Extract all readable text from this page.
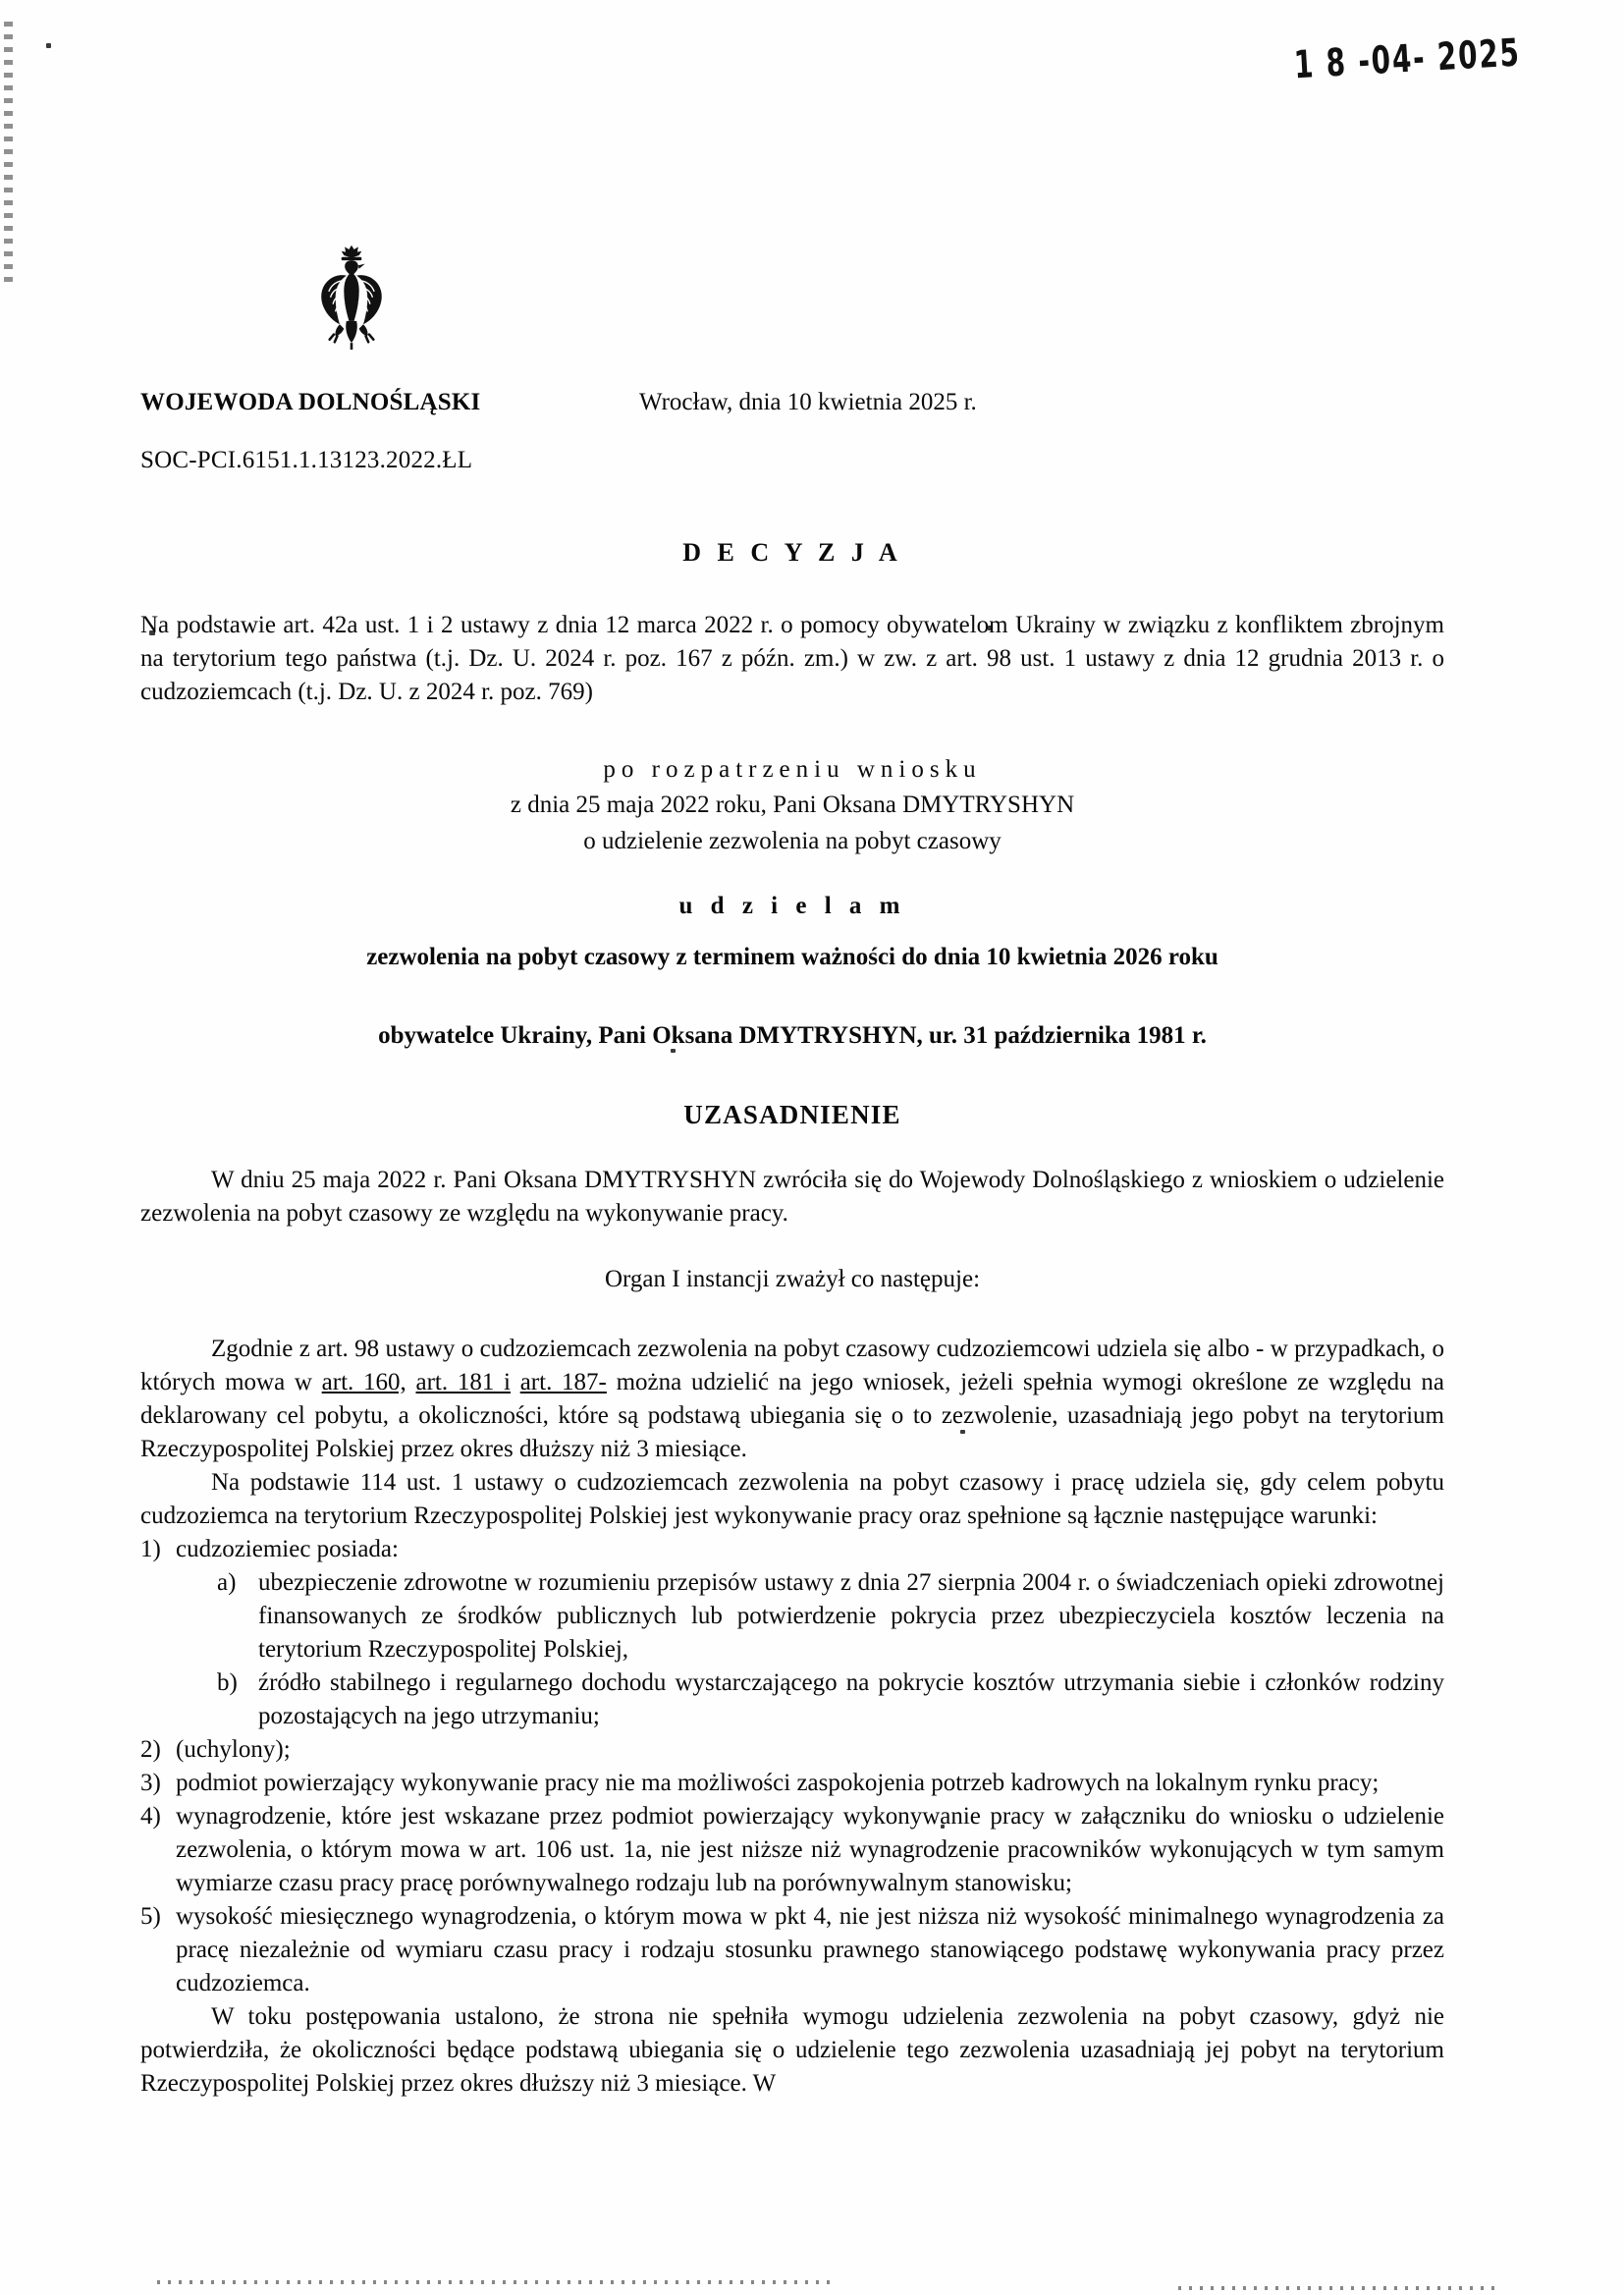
1 8 -04- 2025
WOJEWODA DOLNOŚLĄSKI	Wrocław, dnia 10 kwietnia 2025 r.
SOC-PCI.6151.1.13123.2022.ŁL
D E C Y Z J A

Na podstawie art. 42a ust. 1 i 2 ustawy z dnia 12 marca 2022 r. o pomocy obywatelom Ukrainy w związku z konfliktem zbrojnym na terytorium tego państwa (t.j. Dz. U. 2024 r. poz. 167 z późn. zm.) w zw. z art. 98 ust. 1 ustawy z dnia 12 grudnia 2013 r. o cudzoziemcach (t.j. Dz. U. z 2024 r. poz. 769)

po rozpatrzeniu wniosku
z dnia 25 maja 2022 roku, Pani Oksana DMYTRYSHYN
o udzielenie zezwolenia na pobyt czasowy
u d z i e l a m
zezwolenia na pobyt czasowy z terminem ważności do dnia 10 kwietnia 2026 roku
obywatelce Ukrainy, Pani Oksana DMYTRYSHYN, ur. 31 października 1981 r.
UZASADNIENIE

W dniu 25 maja 2022 r. Pani Oksana DMYTRYSHYN zwróciła się do Wojewody Dolnośląskiego z wnioskiem o udzielenie zezwolenia na pobyt czasowy ze względu na wykonywanie pracy.

Organ I instancji zważył co następuje:

Zgodnie z art. 98 ustawy o cudzoziemcach zezwolenia na pobyt czasowy cudzoziemcowi udziela się albo - w przypadkach, o których mowa w art. 160, art. 181 i art. 187- można udzielić na jego wniosek, jeżeli spełnia wymogi określone ze względu na deklarowany cel pobytu, a okoliczności, które są podstawą ubiegania się o to zezwolenie, uzasadniają jego pobyt na terytorium Rzeczypospolitej Polskiej przez okres dłuższy niż 3 miesiące.

Na podstawie 114 ust. 1 ustawy o cudzoziemcach zezwolenia na pobyt czasowy i pracę udziela się, gdy celem pobytu cudzoziemca na terytorium Rzeczypospolitej Polskiej jest wykonywanie pracy oraz spełnione są łącznie następujące warunki:

1) cudzoziemiec posiada:
a) ubezpieczenie zdrowotne w rozumieniu przepisów ustawy z dnia 27 sierpnia 2004 r. o świadczeniach opieki zdrowotnej finansowanych ze środków publicznych lub potwierdzenie pokrycia przez ubezpieczyciela kosztów leczenia na terytorium Rzeczypospolitej Polskiej,
b) źródło stabilnego i regularnego dochodu wystarczającego na pokrycie kosztów utrzymania siebie i członków rodziny pozostających na jego utrzymaniu;
2) (uchylony);
3) podmiot powierzający wykonywanie pracy nie ma możliwości zaspokojenia potrzeb kadrowych na lokalnym rynku pracy;
4) wynagrodzenie, które jest wskazane przez podmiot powierzający wykonywanie pracy w załączniku do wniosku o udzielenie zezwolenia, o którym mowa w art. 106 ust. 1a, nie jest niższe niż wynagrodzenie pracowników wykonujących w tym samym wymiarze czasu pracy pracę porównywalnego rodzaju lub na porównywalnym stanowisku;
5) wysokość miesięcznego wynagrodzenia, o którym mowa w pkt 4, nie jest niższa niż wysokość minimalnego wynagrodzenia za pracę niezależnie od wymiaru czasu pracy i rodzaju stosunku prawnego stanowiącego podstawę wykonywania pracy przez cudzoziemca.

W toku postępowania ustalono, że strona nie spełniła wymogu udzielenia zezwolenia na pobyt czasowy, gdyż nie potwierdziła, że okoliczności będące podstawą ubiegania się o udzielenie tego zezwolenia uzasadniają jej pobyt na terytorium Rzeczypospolitej Polskiej przez okres dłuższy niż 3 miesiące. W
